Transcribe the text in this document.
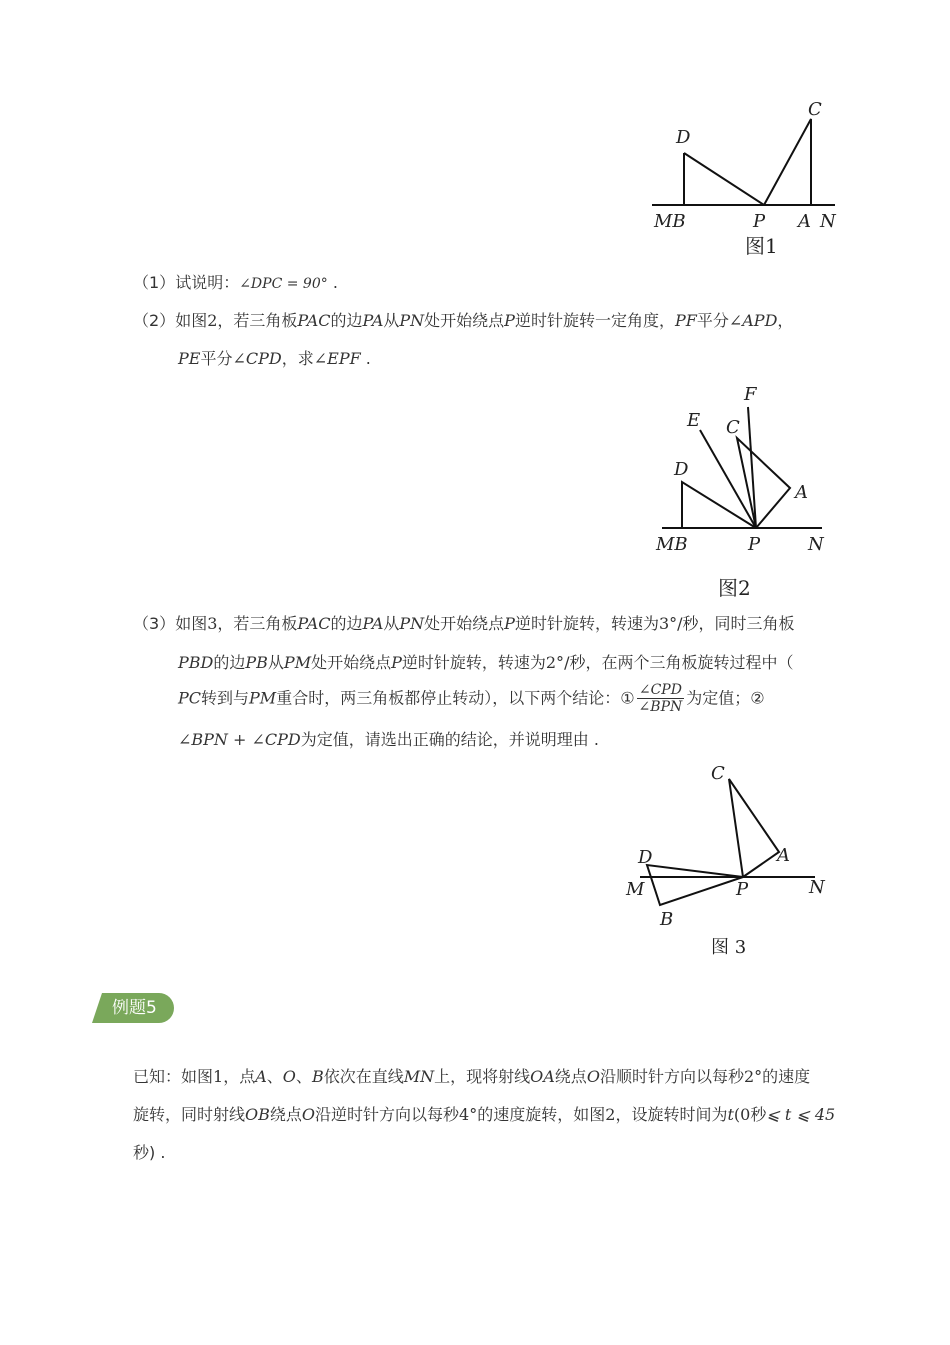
D
C
MB	P A N
图1
（1）试说明：∠DPC = 90° .
（2）如图2，若三角板PAC的边PA从PN处开始绕点P逆时针旋转一定角度，PF平分∠APD，
PE平分∠CPD，求∠EPF .
F
E C
D
A
MB	P	N
图2
（3）如图3，若三角板PAC的边PA从PN处开始绕点P逆时针旋转，转速为3°/秒，同时三角板
PBD的边PB从PM处开始绕点P逆时针旋转，转速为2°/秒，在两个三角板旋转过程中（
PC转到与PM重合时，两三角板都停止转动），以下两个结论：① $\frac{\text{∠CPD}}{\text{∠BPN}}$ 为定值；②
∠BPN + ∠CPD为定值，请选出正确的结论，并说明理由 .
C
D	A
M	P	N
B
图 3
例题5
已知：如图1，点A、O、B依次在直线MN上，现将射线OA绕点O沿顺时针方向以每秒2°的速度
旋转，同时射线OB绕点O沿逆时针方向以每秒4°的速度旋转，如图2，设旋转时间为t(0秒⩽ t ⩽ 45
秒) .
